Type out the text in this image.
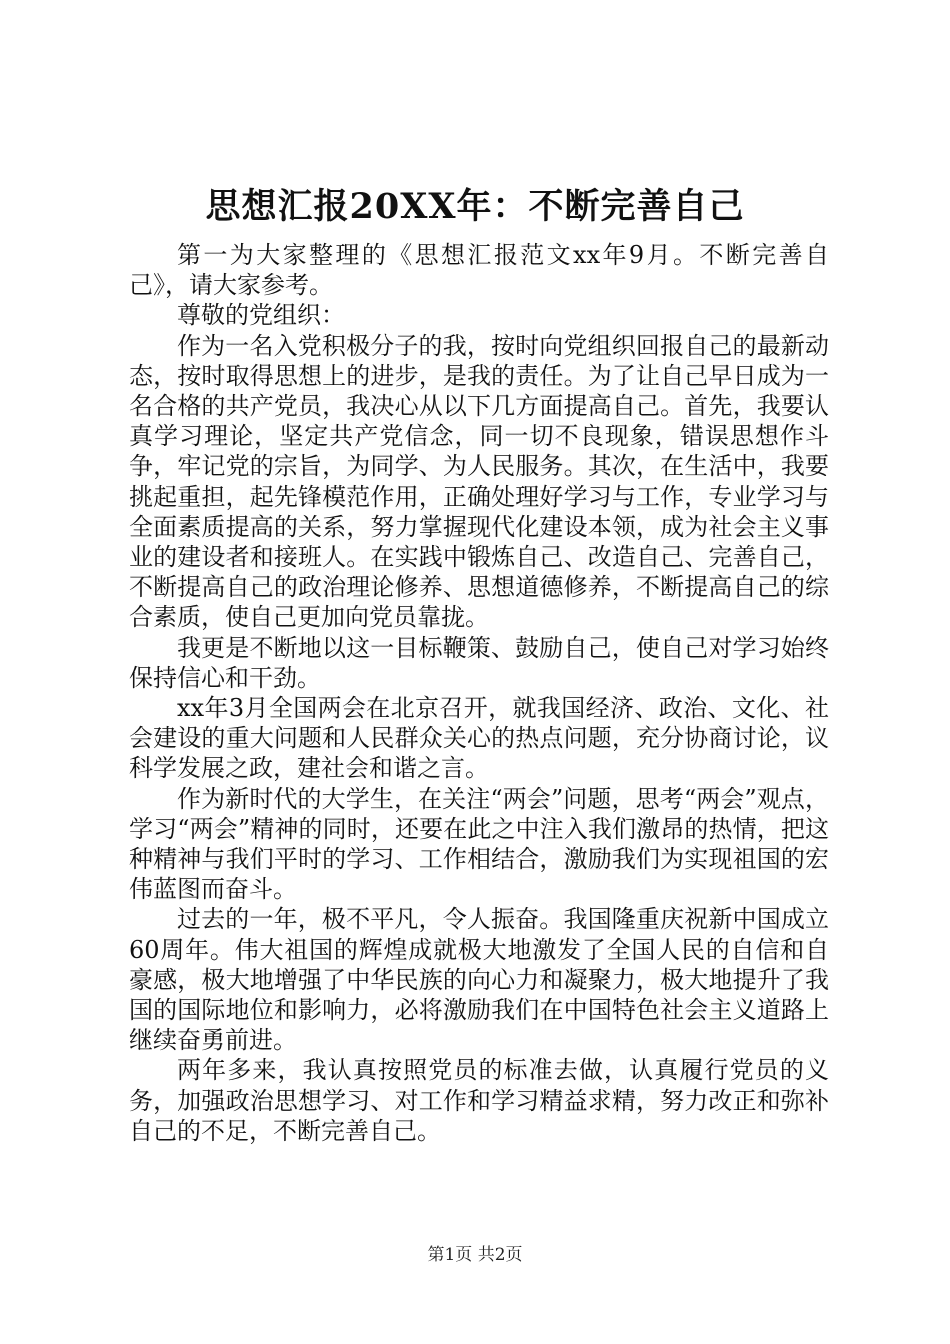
思想汇报20XX年：不断完善自己

第一为大家整理的《思想汇报范文xx年9月。不断完善自己》，请大家参考。

尊敬的党组织：

作为一名入党积极分子的我，按时向党组织回报自己的最新动态，按时取得思想上的进步，是我的责任。为了让自己早日成为一名合格的共产党员，我决心从以下几方面提高自己。首先，我要认真学习理论，坚定共产党信念，同一切不良现象，错误思想作斗争，牢记党的宗旨，为同学、为人民服务。其次，在生活中，我要挑起重担，起先锋模范作用，正确处理好学习与工作，专业学习与全面素质提高的关系，努力掌握现代化建设本领，成为社会主义事业的建设者和接班人。在实践中锻炼自己、改造自己、完善自己，不断提高自己的政治理论修养、思想道德修养，不断提高自己的综合素质，使自己更加向党员靠拢。

我更是不断地以这一目标鞭策、鼓励自己，使自己对学习始终保持信心和干劲。

xx年3月全国两会在北京召开，就我国经济、政治、文化、社会建设的重大问题和人民群众关心的热点问题，充分协商讨论，议科学发展之政，建社会和谐之言。

作为新时代的大学生，在关注“两会”问题，思考“两会”观点，学习“两会”精神的同时，还要在此之中注入我们激昂的热情，把这种精神与我们平时的学习、工作相结合，激励我们为实现祖国的宏伟蓝图而奋斗。

过去的一年，极不平凡，令人振奋。我国隆重庆祝新中国成立60周年。伟大祖国的辉煌成就极大地激发了全国人民的自信和自豪感，极大地增强了中华民族的向心力和凝聚力，极大地提升了我国的国际地位和影响力，必将激励我们在中国特色社会主义道路上继续奋勇前进。

两年多来，我认真按照党员的标准去做，认真履行党员的义务，加强政治思想学习、对工作和学习精益求精，努力改正和弥补自己的不足，不断完善自己。

第1页 共2页
